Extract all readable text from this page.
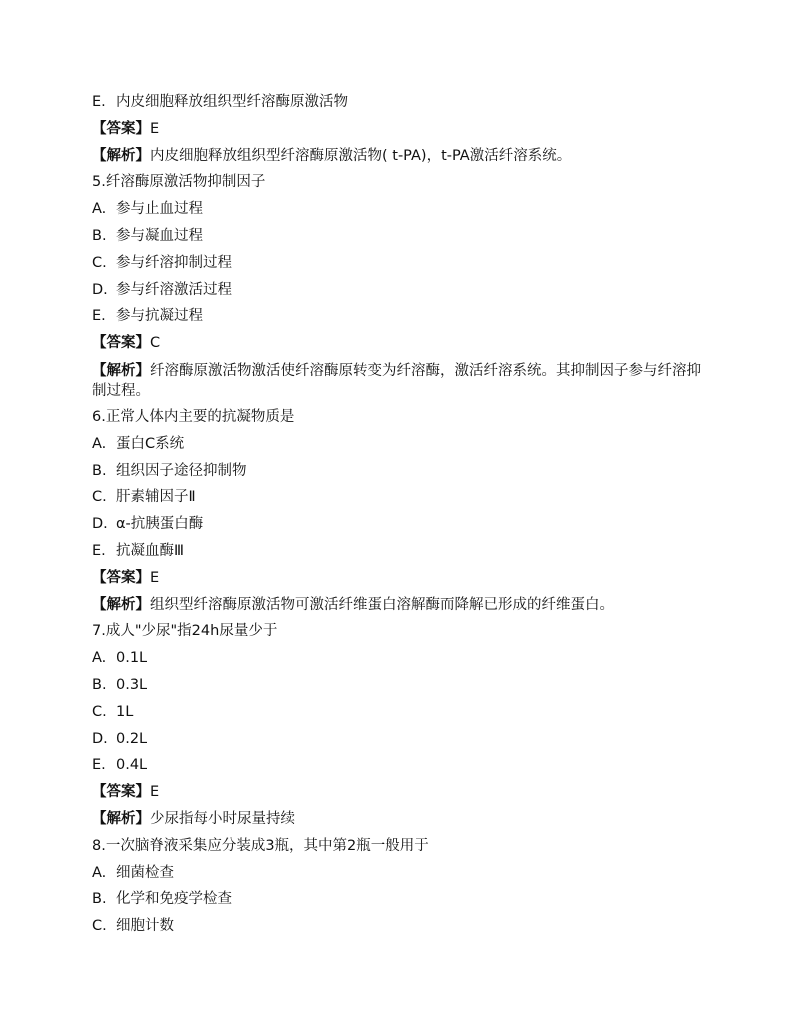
E. 内皮细胞释放组织型纤溶酶原激活物
【答案】E
【解析】内皮细胞释放组织型纤溶酶原激活物( t-PA)，t-PA激活纤溶系统。
5.纤溶酶原激活物抑制因子
A. 参与止血过程
B. 参与凝血过程
C. 参与纤溶抑制过程
D. 参与纤溶激活过程
E. 参与抗凝过程
【答案】C
【解析】纤溶酶原激活物激活使纤溶酶原转变为纤溶酶，激活纤溶系统。其抑制因子参与纤溶抑制过程。
6.正常人体内主要的抗凝物质是
A. 蛋白C系统
B. 组织因子途径抑制物
C. 肝素辅因子Ⅱ
D. α-抗胰蛋白酶
E. 抗凝血酶Ⅲ
【答案】E
【解析】组织型纤溶酶原激活物可激活纤维蛋白溶解酶而降解已形成的纤维蛋白。
7.成人"少尿"指24h尿量少于
A. 0.1L
B. 0.3L
C. 1L
D. 0.2L
E. 0.4L
【答案】E
【解析】少尿指每小时尿量持续
8.一次脑脊液采集应分装成3瓶，其中第2瓶一般用于
A. 细菌检查
B. 化学和免疫学检查
C. 细胞计数
